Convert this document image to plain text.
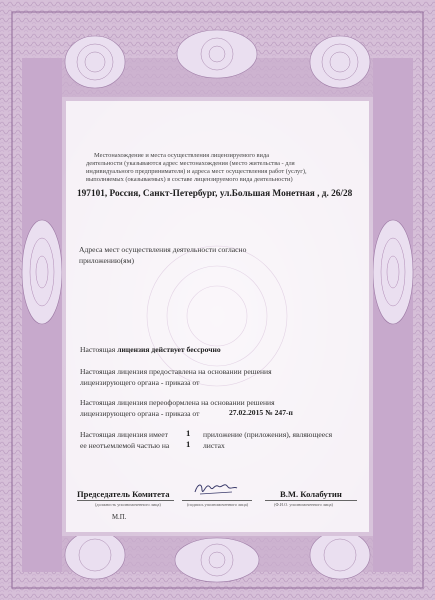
Местонахождение и места осуществления лицензируемого вида
деятельности (указываются адрес местонахождения (место жительства - для
индивидуального предпринимателя) и адреса мест осуществления работ (услуг),
выполняемых (оказываемых) в составе лицензируемого вида деятельности)
197101, Россия, Санкт-Петербург, ул.Большая Монетная , д. 26/28
Адреса мест осуществления деятельности согласно
приложению(ям)
Настоящая лицензия действует бессрочно
Настоящая лицензия предоставлена на основании решения
лицензирующего органа - приказа от
Настоящая лицензия переоформлена на основании решения
лицензирующего органа - приказа от	27.02.2015 № 247-п
Настоящая лицензия имеет 1 приложение (приложения), являющееся
ее неотъемлемой частью на 1 листах
Председатель Комитета
(должность уполномоченного лица)	(подпись уполномоченного лица)
В.М. Колабутин
(Ф.И.О. уполномоченного лица)
М.П.
